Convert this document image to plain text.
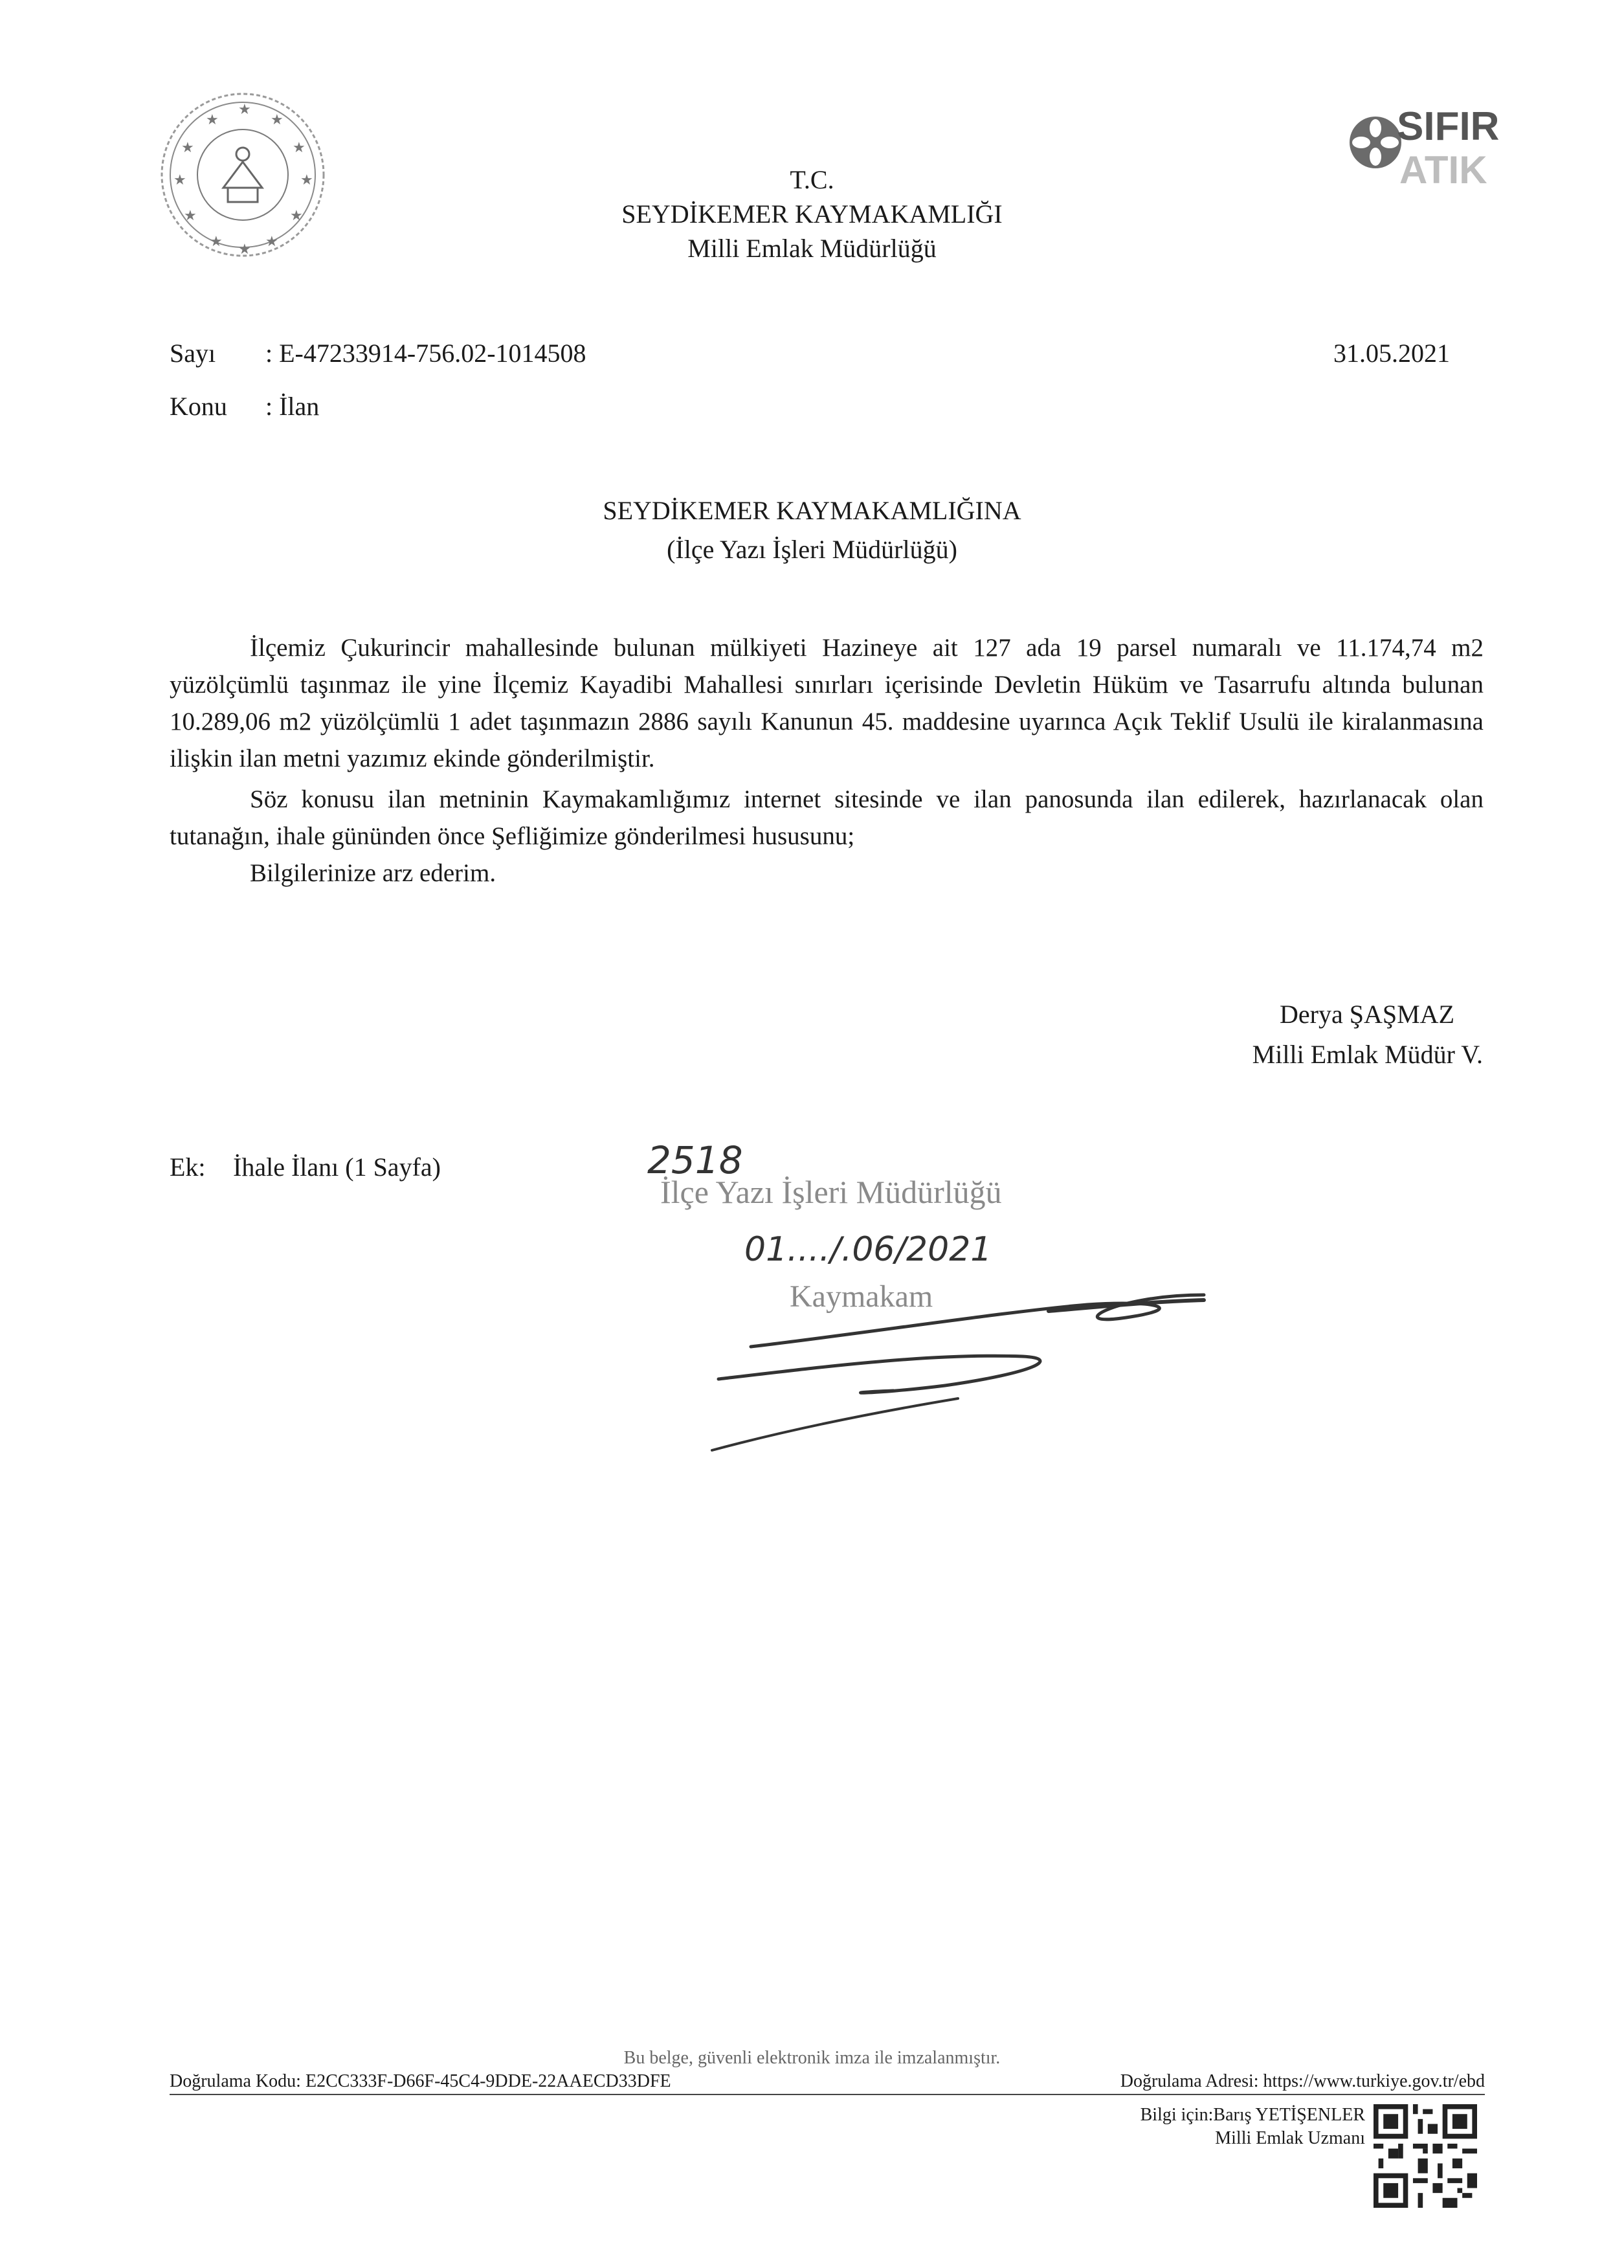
★
★	★
★	★
★	★
★	★
★	★
★
SIFIR
ATIK
T.C.
SEYDİKEMER KAYMAKAMLIĞI
Milli Emlak Müdürlüğü
Sayı : E-47233914-756.02-1014508	31.05.2021
Konu : İlan
SEYDİKEMER KAYMAKAMLIĞINA
(İlçe Yazı İşleri Müdürlüğü)

İlçemiz Çukurincir mahallesinde bulunan mülkiyeti Hazineye ait 127 ada 19 parsel numaralı ve 11.174,74 m2 yüzölçümlü taşınmaz ile yine İlçemiz Kayadibi Mahallesi sınırları içerisinde Devletin Hüküm ve Tasarrufu altında bulunan 10.289,06 m2 yüzölçümlü 1 adet taşınmazın 2886 sayılı Kanunun 45. maddesine uyarınca Açık Teklif Usulü ile kiralanmasına ilişkin ilan metni yazımız ekinde gönderilmiştir.

Söz konusu ilan metninin Kaymakamlığımız internet sitesinde ve ilan panosunda ilan edilerek, hazırlanacak olan tutanağın, ihale gününden önce Şefliğimize gönderilmesi hususunu;

Bilgilerinize arz ederim.

Derya ŞAŞMAZ
Milli Emlak Müdür V.
Ek: İhale İlanı (1 Sayfa)	2518
İlçe Yazı İşleri Müdürlüğü
01..../.06/2021
Kaymakam
Bu belge, güvenli elektronik imza ile imzalanmıştır.
Doğrulama Kodu: E2CC333F-D66F-45C4-9DDE-22AAECD33DFE	Doğrulama Adresi: https://www.turkiye.gov.tr/ebd
Bilgi için:Barış YETİŞENLER
Milli Emlak Uzmanı
